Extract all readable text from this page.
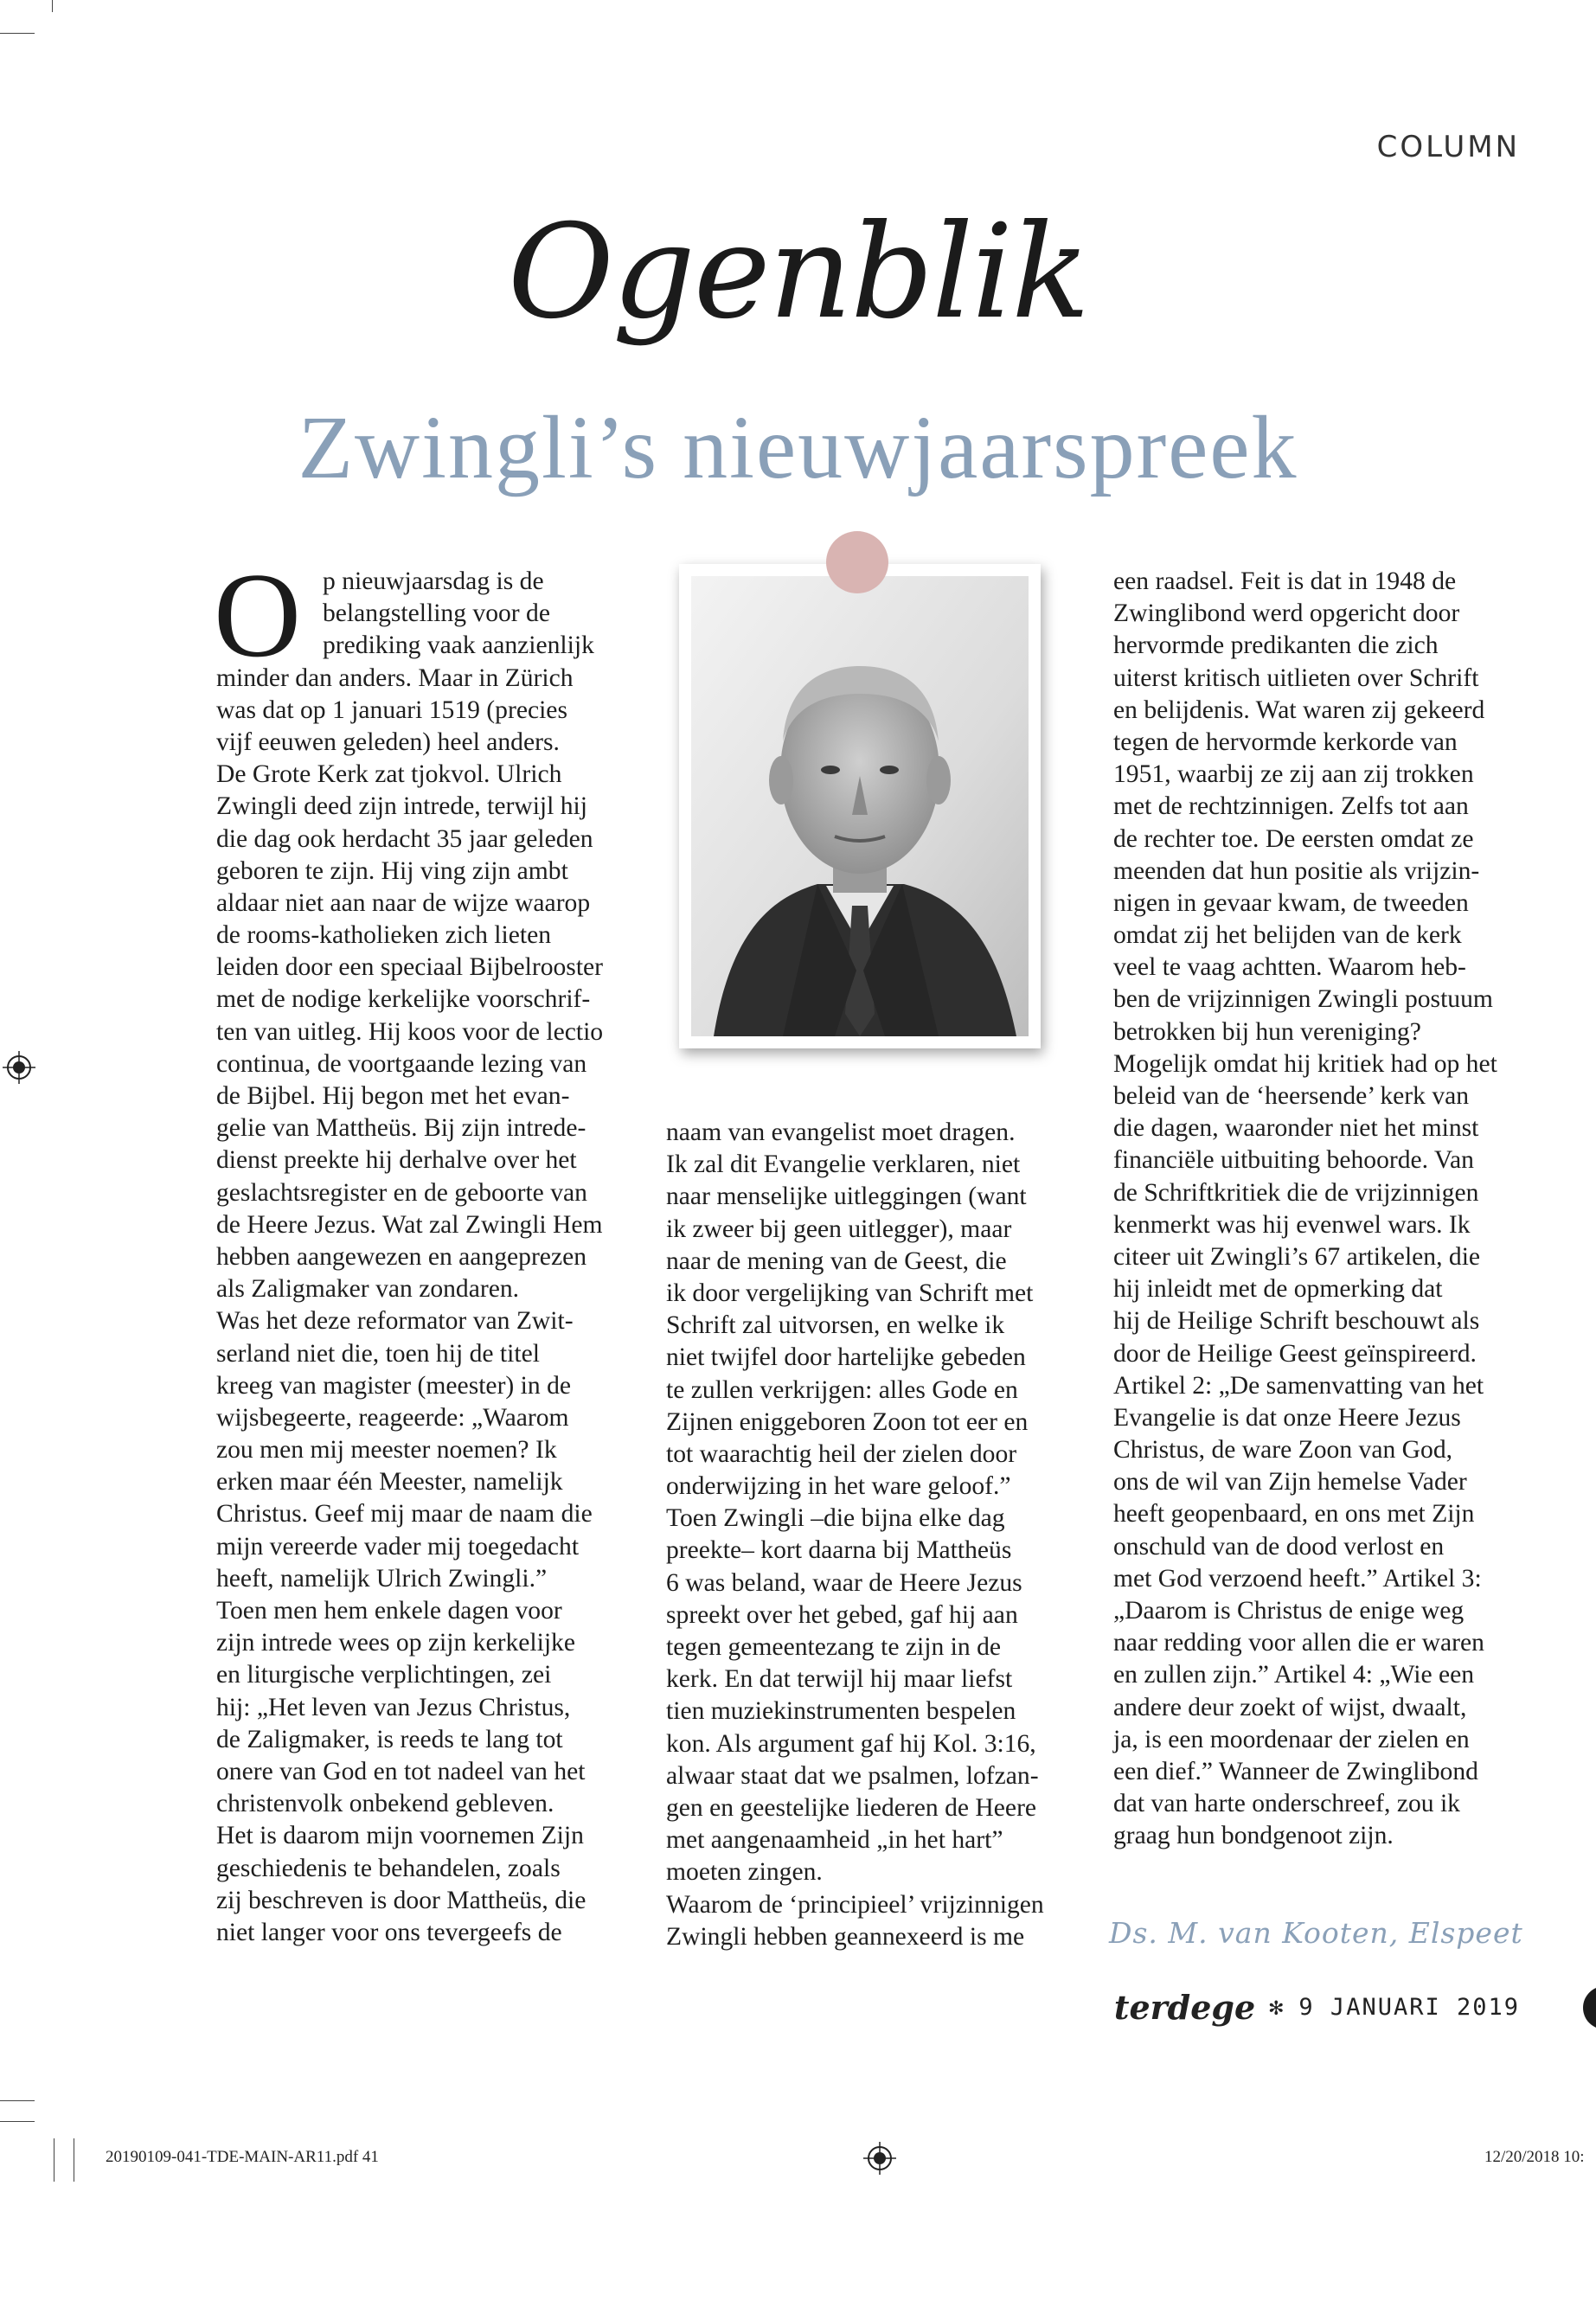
COLUMN
Ogenblik
Zwingli’s nieuwjaarspreek
O p nieuwjaarsdag is de
belangstelling voor de
prediking vaak aanzienlijk
minder dan anders. Maar in Zürich
was dat op 1 januari 1519 (precies
vijf eeuwen geleden) heel anders.
De Grote Kerk zat tjokvol. Ulrich
Zwingli deed zijn intrede, terwijl hij
die dag ook herdacht 35 jaar geleden
geboren te zijn. Hij ving zijn ambt
aldaar niet aan naar de wijze waarop
de rooms-katholieken zich lieten
leiden door een speciaal Bijbelrooster
met de nodige kerkelijke voorschrif-
ten van uitleg. Hij koos voor de lectio
continua, de voortgaande lezing van
de Bijbel. Hij begon met het evan-
gelie van Mattheüs. Bij zijn intrede-
dienst preekte hij derhalve over het
geslachtsregister en de geboorte van
de Heere Jezus. Wat zal Zwingli Hem
hebben aangewezen en aangeprezen
als Zaligmaker van zondaren.
Was het deze reformator van Zwit-
serland niet die, toen hij de titel
kreeg van magister (meester) in de
wijsbegeerte, reageerde: „Waarom
zou men mij meester noemen? Ik
erken maar één Meester, namelijk
Christus. Geef mij maar de naam die
mijn vereerde vader mij toegedacht
heeft, namelijk Ulrich Zwingli.”
Toen men hem enkele dagen voor
zijn intrede wees op zijn kerkelijke
en liturgische verplichtingen, zei
hij: „Het leven van Jezus Christus,
de Zaligmaker, is reeds te lang tot
onere van God en tot nadeel van het
christenvolk onbekend gebleven.
Het is daarom mijn voornemen Zijn
geschiedenis te behandelen, zoals
zij beschreven is door Mattheüs, die
niet langer voor ons tevergeefs de
naam van evangelist moet dragen.
Ik zal dit Evangelie verklaren, niet
naar menselijke uitleggingen (want
ik zweer bij geen uitlegger), maar
naar de mening van de Geest, die
ik door vergelijking van Schrift met
Schrift zal uitvorsen, en welke ik
niet twijfel door hartelijke gebeden
te zullen verkrijgen: alles Gode en
Zijnen eniggeboren Zoon tot eer en
tot waarachtig heil der zielen door
onderwijzing in het ware geloof.”
Toen Zwingli –die bijna elke dag
preekte– kort daarna bij Mattheüs
6 was beland, waar de Heere Jezus
spreekt over het gebed, gaf hij aan
tegen gemeentezang te zijn in de
kerk. En dat terwijl hij maar liefst
tien muziekinstrumenten bespelen
kon. Als argument gaf hij Kol. 3:16,
alwaar staat dat we psalmen, lofzan-
gen en geestelijke liederen de Heere
met aangenaamheid „in het hart”
moeten zingen.
Waarom de ‘principieel’ vrijzinnigen
Zwingli hebben geannexeerd is me
een raadsel. Feit is dat in 1948 de
Zwinglibond werd opgericht door
hervormde predikanten die zich
uiterst kritisch uitlieten over Schrift
en belijdenis. Wat waren zij gekeerd
tegen de hervormde kerkorde van
1951, waarbij ze zij aan zij trokken
met de rechtzinnigen. Zelfs tot aan
de rechter toe. De eersten omdat ze
meenden dat hun positie als vrijzin-
nigen in gevaar kwam, de tweeden
omdat zij het belijden van de kerk
veel te vaag achtten. Waarom heb-
ben de vrijzinnigen Zwingli postuum
betrokken bij hun vereniging?
Mogelijk omdat hij kritiek had op het
beleid van de ‘heersende’ kerk van
die dagen, waaronder niet het minst
financiële uitbuiting behoorde. Van
de Schriftkritiek die de vrijzinnigen
kenmerkt was hij evenwel wars. Ik
citeer uit Zwingli’s 67 artikelen, die
hij inleidt met de opmerking dat
hij de Heilige Schrift beschouwt als
door de Heilige Geest geïnspireerd.
Artikel 2: „De samenvatting van het
Evangelie is dat onze Heere Jezus
Christus, de ware Zoon van God,
ons de wil van Zijn hemelse Vader
heeft geopenbaard, en ons met Zijn
onschuld van de dood verlost en
met God verzoend heeft.” Artikel 3:
„Daarom is Christus de enige weg
naar redding voor allen die er waren
en zullen zijn.” Artikel 4: „Wie een
andere deur zoekt of wijst, dwaalt,
ja, is een moordenaar der zielen en
een dief.” Wanneer de Zwinglibond
dat van harte onderschreef, zou ik
graag hun bondgenoot zijn.
Ds. M. van Kooten, Elspeet
terdege ✻ 9 JANUARI 2019
20190109-041-TDE-MAIN-AR11.pdf 41	12/20/2018 10:
